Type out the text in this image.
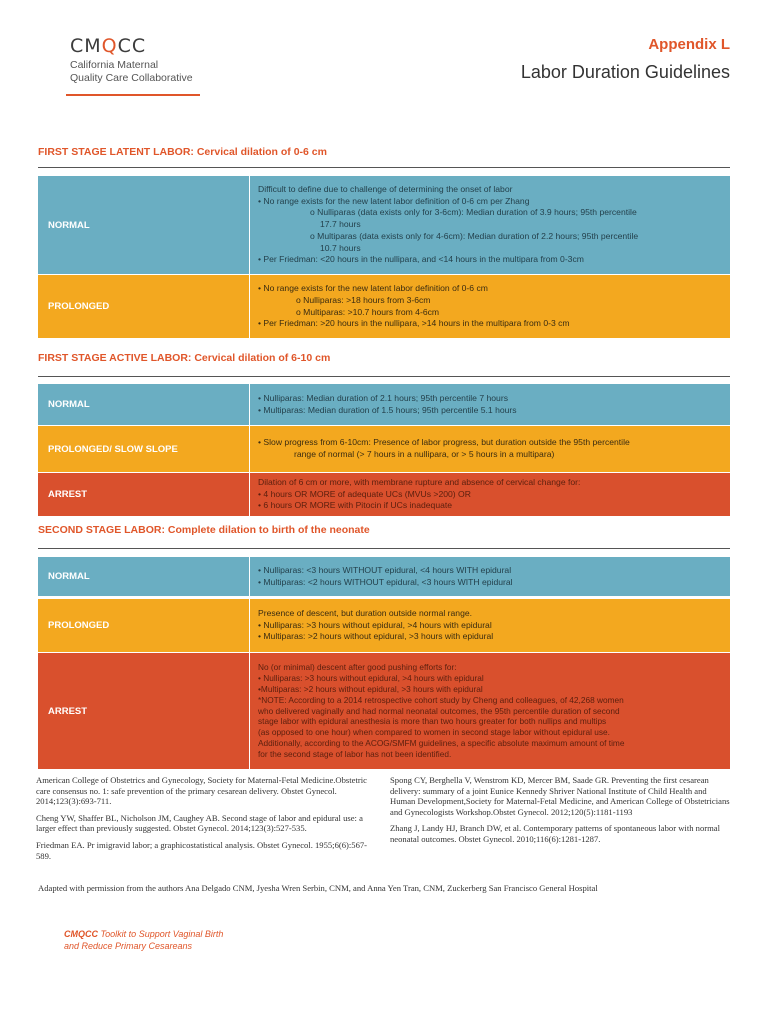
CMQCC
California Maternal
Quality Care Collaborative
Appendix L
Labor Duration Guidelines
FIRST STAGE LATENT LABOR: Cervical dilation of 0-6 cm
NORMAL
Difficult to define due to challenge of determining the onset of labor
• No range exists for the new latent labor definition of 0-6 cm per Zhang
o Nulliparas (data exists only for 3-6cm): Median duration of 3.9 hours; 95th percentile
17.7 hours
o Multiparas (data exists only for 4-6cm): Median duration of 2.2 hours; 95th percentile
10.7 hours
• Per Friedman: <20 hours in the nullipara, and <14 hours in the multipara from 0-3cm
PROLONGED
• No range exists for the new latent labor definition of 0-6 cm
o Nulliparas: >18 hours from 3-6cm
o Multiparas: >10.7 hours from 4-6cm
• Per Friedman: >20 hours in the nullipara, >14 hours in the multipara from 0-3 cm
FIRST STAGE ACTIVE LABOR: Cervical dilation of 6-10 cm
NORMAL
• Nulliparas: Median duration of 2.1 hours; 95th percentile 7 hours
• Multiparas: Median duration of 1.5 hours; 95th percentile 5.1 hours
PROLONGED/ SLOW SLOPE
• Slow progress from 6-10cm: Presence of labor progress, but duration outside the 95th percentile
range of normal (> 7 hours in a nullipara, or > 5 hours in a multipara)
ARREST
Dilation of 6 cm or more, with membrane rupture and absence of cervical change for:
• 4 hours OR MORE of adequate UCs (MVUs >200) OR
• 6 hours OR MORE with Pitocin if UCs inadequate
SECOND STAGE LABOR: Complete dilation to birth of the neonate
NORMAL
• Nulliparas: <3 hours WITHOUT epidural, <4 hours WITH epidural
• Multiparas: <2 hours WITHOUT epidural, <3 hours WITH epidural
PROLONGED
Presence of descent, but duration outside normal range.
• Nulliparas: >3 hours without epidural, >4 hours with epidural
• Multiparas: >2 hours without epidural, >3 hours with epidural
ARREST
No (or minimal) descent after good pushing efforts for:
• Nulliparas: >3 hours without epidural, >4 hours with epidural
•Multiparas: >2 hours without epidural, >3 hours with epidural
*NOTE: According to a 2014 retrospective cohort study by Cheng and colleagues, of 42,268 women
who delivered vaginally and had normal neonatal outcomes, the 95th percentile duration of second
stage labor with epidural anesthesia is more than two hours greater for both nullips and multips
(as opposed to one hour) when compared to women in second stage labor without epidural use.
Additionally, according to the ACOG/SMFM guidelines, a specific absolute maximum amount of time
for the second stage of labor has not been identified.

American College of Obstetrics and Gynecology, Society for Maternal-Fetal Medicine.Obstetric care consensus no. 1: safe prevention of the primary cesarean delivery. Obstet Gynecol. 2014;123(3):693-711.

Cheng YW, Shaffer BL, Nicholson JM, Caughey AB. Second stage of labor and epidural use: a larger effect than previously suggested. Obstet Gynecol. 2014;123(3):527-535.

Friedman EA. Pr imigravid labor; a graphicostatistical analysis. Obstet Gynecol. 1955;6(6):567-589.

Spong CY, Berghella V, Wenstrom KD, Mercer BM, Saade GR. Preventing the first cesarean delivery: summary of a joint Eunice Kennedy Shriver National Institute of Child Health and Human Development,Society for Maternal-Fetal Medicine, and American College of Obstetricians and Gynecologists Workshop.Obstet Gynecol. 2012;120(5):1181-1193

Zhang J, Landy HJ, Branch DW, et al. Contemporary patterns of spontaneous labor with normal neonatal outcomes. Obstet Gynecol. 2010;116(6):1281-1287.

Adapted with permission from the authors Ana Delgado CNM, Jyesha Wren Serbin, CNM, and Anna Yen Tran, CNM, Zuckerberg San Francisco General Hospital
CMQCC Toolkit to Support Vaginal Birth
and Reduce Primary Cesareans
